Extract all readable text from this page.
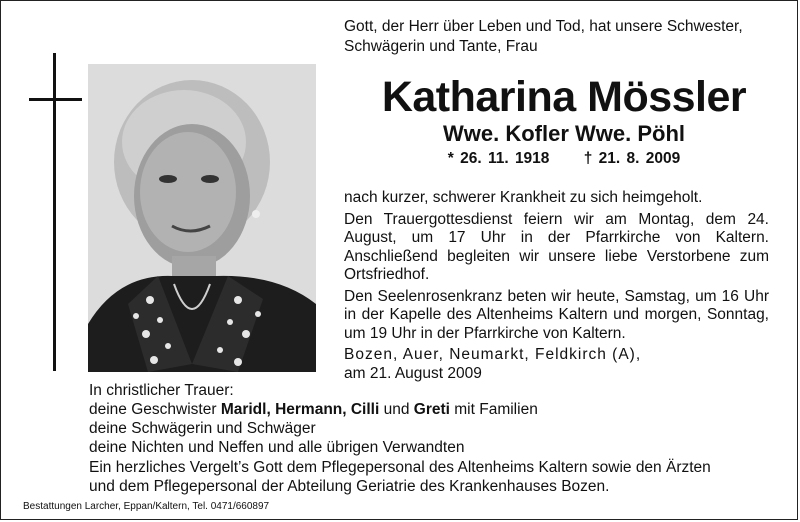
Gott, der Herr über Leben und Tod, hat unsere Schwester,
Schwägerin und Tante, Frau
Katharina Mössler
Wwe. Kofler Wwe. Pöhl
* 26. 11. 1918 † 21. 8. 2009

nach kurzer, schwerer Krankheit zu sich heimgeholt.

Den Trauergottesdienst feiern wir am Montag, dem 24. August, um 17 Uhr in der Pfarrkirche von Kaltern. Anschließend begleiten wir unsere liebe Verstorbene zum Ortsfriedhof.

Den Seelenrosenkranz beten wir heute, Samstag, um 16 Uhr in der Kapelle des Altenheims Kaltern und morgen, Sonntag, um 19 Uhr in der Pfarrkirche von Kaltern.

Bozen, Auer, Neumarkt, Feldkirch (A),
am 21. August 2009
In christlicher Trauer:
deine Geschwister Maridl, Hermann, Cilli und Greti mit Familien
deine Schwägerin und Schwäger
deine Nichten und Neffen und alle übrigen Verwandten
Ein herzliches Vergelt’s Gott dem Pflegepersonal des Altenheims Kaltern sowie den Ärzten
und dem Pflegepersonal der Abteilung Geriatrie des Krankenhauses Bozen.
Bestattungen Larcher, Eppan/Kaltern, Tel. 0471/660897
